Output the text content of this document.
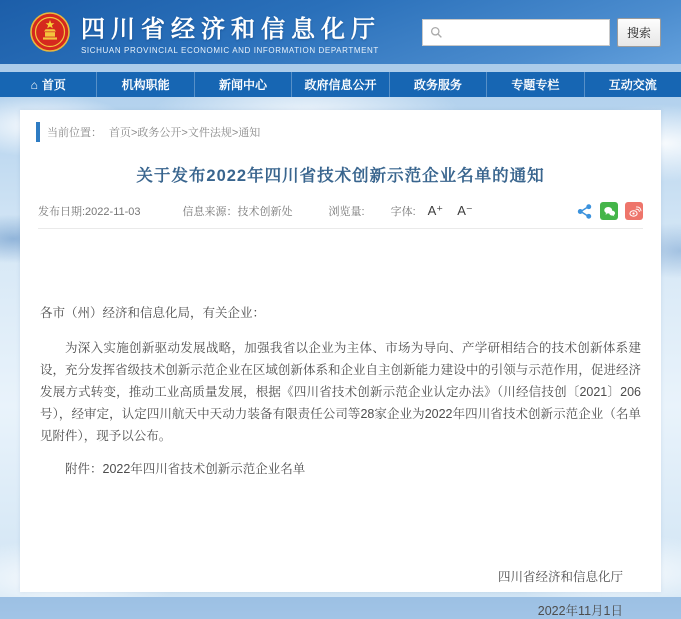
四川省经济和信息化厅
SICHUAN PROVINCIAL ECONOMIC AND INFORMATION DEPARTMENT
搜索
⌂ 首页	机构职能	新闻中心	政府信息公开	政务服务	专题专栏	互动交流
当前位置： 首页>政务公开>文件法规>通知
关于发布2022年四川省技术创新示范企业名单的通知
发布日期:2022-11-03	信息来源：技术创新处	浏览量: 字体: A⁺ A⁻

各市（州）经济和信息化局，有关企业：

为深入实施创新驱动发展战略，加强我省以企业为主体、市场为导向、产学研相结合的技术创新体系建设，充分发挥省级技术创新示范企业在区域创新体系和企业自主创新能力建设中的引领与示范作用，促进经济发展方式转变，推动工业高质量发展，根据《四川省技术创新示范企业认定办法》（川经信技创〔2021〕206号），经审定，认定四川航天中天动力装备有限责任公司等28家企业为2022年四川省技术创新示范企业（名单见附件），现予以公布。

附件：2022年四川省技术创新示范企业名单

四川省经济和信息化厅

2022年11月1日
